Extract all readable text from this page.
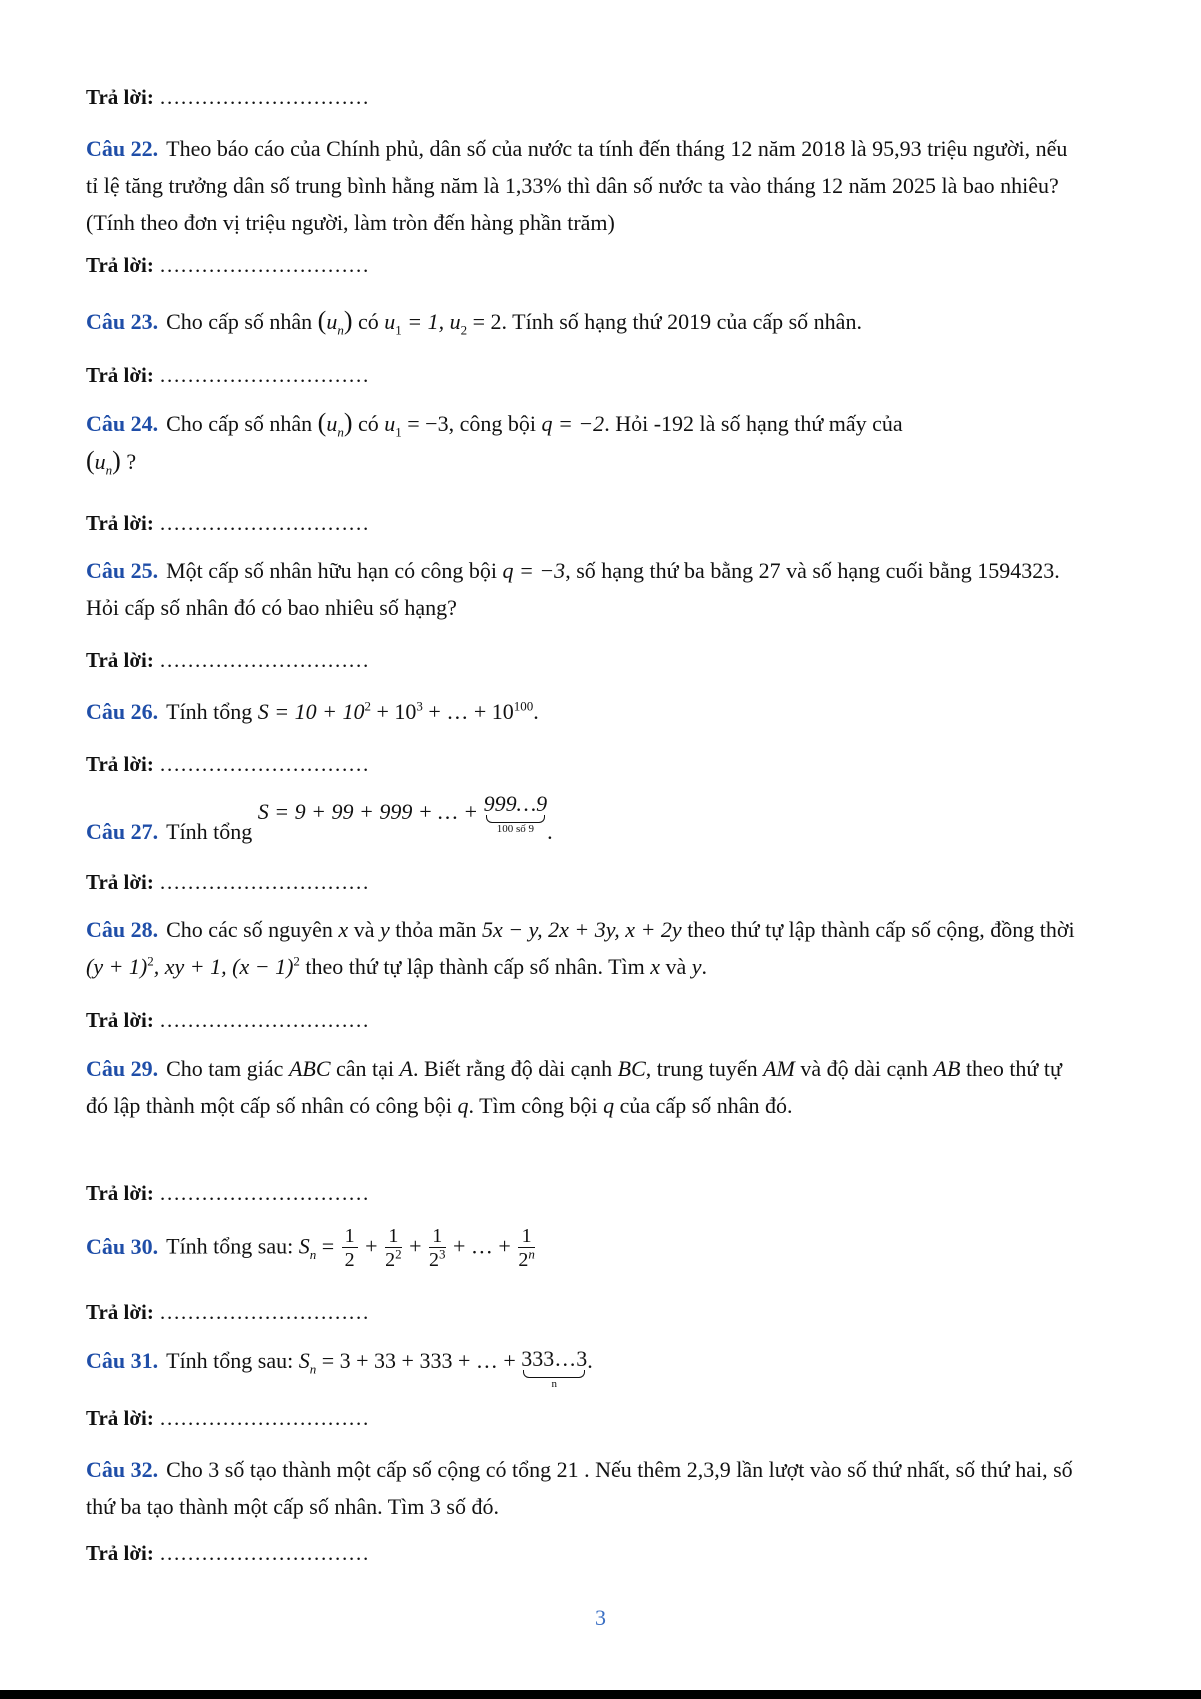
Trả lời: …………………………
Câu 22. Theo báo cáo của Chính phủ, dân số của nước ta tính đến tháng 12 năm 2018 là 95,93 triệu người, nếu tỉ lệ tăng trưởng dân số trung bình hằng năm là 1,33% thì dân số nước ta vào tháng 12 năm 2025 là bao nhiêu? (Tính theo đơn vị triệu người, làm tròn đến hàng phần trăm)
Trả lời: …………………………
Câu 23. Cho cấp số nhân $(u_n)$ có $u_1 = 1$, $u_2 = 2$. Tính số hạng thứ 2019 của cấp số nhân.
Trả lời: …………………………
Câu 24. Cho cấp số nhân $(u_n)$ có $u_1 = -3$, công bội q = −2. Hỏi -192 là số hạng thứ mấy của
$(u_n)$ ?
Trả lời: …………………………
Câu 25. Một cấp số nhân hữu hạn có công bội q = −3, số hạng thứ ba bằng 27 và số hạng cuối bằng 1594323. Hỏi cấp số nhân đó có bao nhiêu số hạng?
Trả lời: …………………………
Câu 26. Tính tổng $S = 10 + 10^2 + 10^3$ + … + $10^{100}$.
Trả lời: …………………………
Câu 27. Tính tổng S = 9 + 99 + 999 + … + 999…9
100 số 9 .
Trả lời: …………………………
Câu 28. Cho các số nguyên x và y thỏa mãn 5x − y, 2x + 3y, x + 2y theo thứ tự lập thành cấp số cộng, đồng thời $(y + 1)^2$, xy + 1, $(x - 1)^2$ theo thứ tự lập thành cấp số nhân. Tìm x và y.
Trả lời: …………………………
Câu 29. Cho tam giác ABC cân tại A. Biết rằng độ dài cạnh BC, trung tuyến AM và độ dài cạnh AB theo thứ tự đó lập thành một cấp số nhân có công bội q. Tìm công bội q của cấp số nhân đó.
Trả lời: …………………………
Câu 30. Tính tổng sau: $S_n = \frac{1}{2} + \frac{1}{2^2} + \frac{1}{2^3}$ + … + $\frac{1}{2^n}$
Trả lời: …………………………
Câu 31. Tính tổng sau: $S_n = 3 + 33 + 333$ + … + 333…3
n
.
Trả lời: …………………………
Câu 32. Cho 3 số tạo thành một cấp số cộng có tổng 21 . Nếu thêm 2,3,9 lần lượt vào số thứ nhất, số thứ hai, số thứ ba tạo thành một cấp số nhân. Tìm 3 số đó.
Trả lời: …………………………
3
